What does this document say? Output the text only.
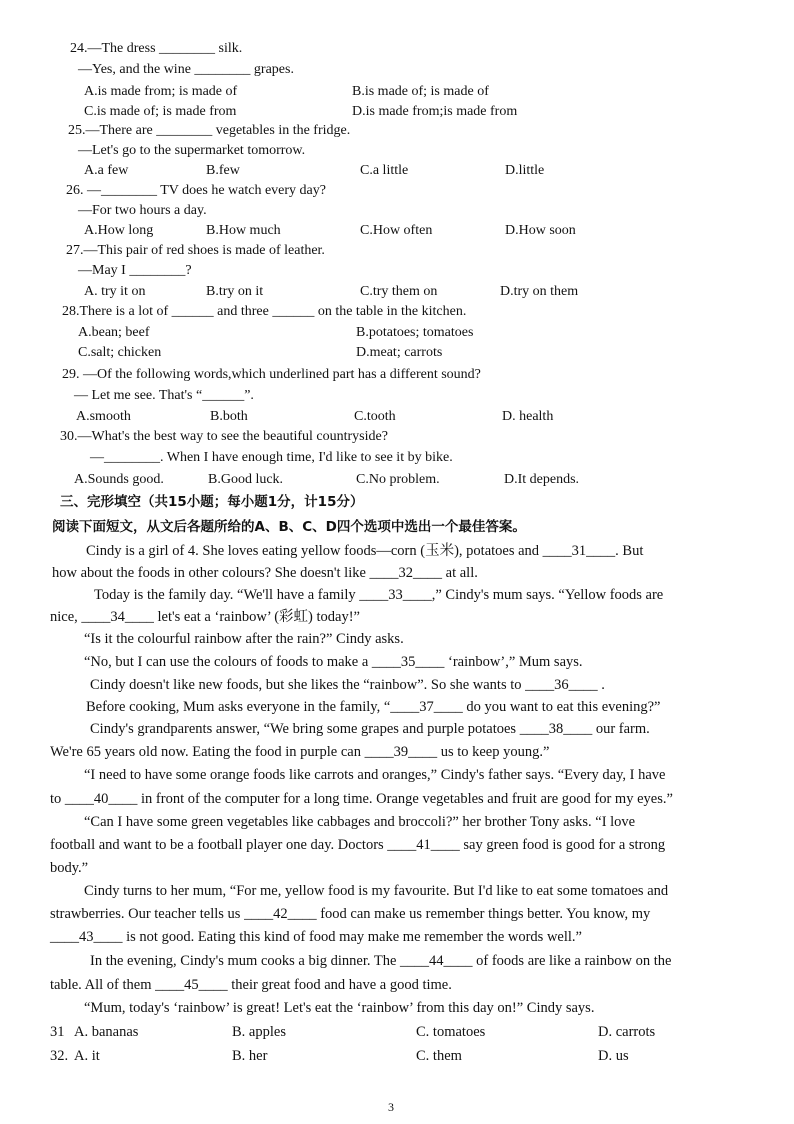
24.—The dress ________ silk.
—Yes, and the wine ________ grapes.
A.is made from; is made of	B.is made of; is made of
C.is made of; is made from	D.is made from;is made from
25.—There are ________ vegetables in the fridge.
—Let's go to the supermarket tomorrow.
A.a few	B.few	C.a little	D.little
26. —________ TV does he watch every day?
—For two hours a day.
A.How long	B.How much	C.How often	D.How soon
27.—This pair of red shoes is made of leather.
—May I ________?
A. try it on	B.try on it	C.try them on	D.try on them
28.There is a lot of ______ and three ______ on the table in the kitchen.
A.bean; beef	B.potatoes; tomatoes
C.salt; chicken	D.meat; carrots
29. —Of the following words,which underlined part has a different sound?
— Let me see. That's “______”.
A.smooth	B.both	C.tooth	D. health
30.—What's the best way to see the beautiful countryside?
—________. When I have enough time, I'd like to see it by bike.
A.Sounds good.	B.Good luck.	C.No problem.	D.It depends.
三、完形填空（共15小题；每小题1分，计15分）
阅读下面短文，从文后各题所给的A、B、C、D四个选项中选出一个最佳答案。
Cindy is a girl of 4. She loves eating yellow foods—corn (玉米), potatoes and ____31____. But
how about the foods in other colours? She doesn't like ____32____ at all.
Today is the family day. “We'll have a family ____33____,” Cindy's mum says. “Yellow foods are
nice, ____34____ let's eat a ‘rainbow’ (彩虹) today!”
“Is it the colourful rainbow after the rain?” Cindy asks.
“No, but I can use the colours of foods to make a ____35____ ‘rainbow’,” Mum says.
Cindy doesn't like new foods, but she likes the “rainbow”. So she wants to ____36____ .
Before cooking, Mum asks everyone in the family, “____37____ do you want to eat this evening?”
Cindy's grandparents answer, “We bring some grapes and purple potatoes ____38____ our farm.
We're 65 years old now. Eating the food in purple can ____39____ us to keep young.”
“I need to have some orange foods like carrots and oranges,” Cindy's father says. “Every day, I have
to ____40____ in front of the computer for a long time. Orange vegetables and fruit are good for my eyes.”
“Can I have some green vegetables like cabbages and broccoli?” her brother Tony asks. “I love
football and want to be a football player one day. Doctors ____41____ say green food is good for a strong
body.”
Cindy turns to her mum, “For me, yellow food is my favourite. But I'd like to eat some tomatoes and
strawberries. Our teacher tells us ____42____ food can make us remember things better. You know, my
____43____ is not good. Eating this kind of food may make me remember the words well.”
In the evening, Cindy's mum cooks a big dinner. The ____44____ of foods are like a rainbow on the
table. All of them ____45____ their great food and have a good time.
“Mum, today's ‘rainbow’ is great! Let's eat the ‘rainbow’ from this day on!” Cindy says.
31 A. bananas	B. apples	C. tomatoes	D. carrots
32. A. it	B. her	C. them	D. us
3
